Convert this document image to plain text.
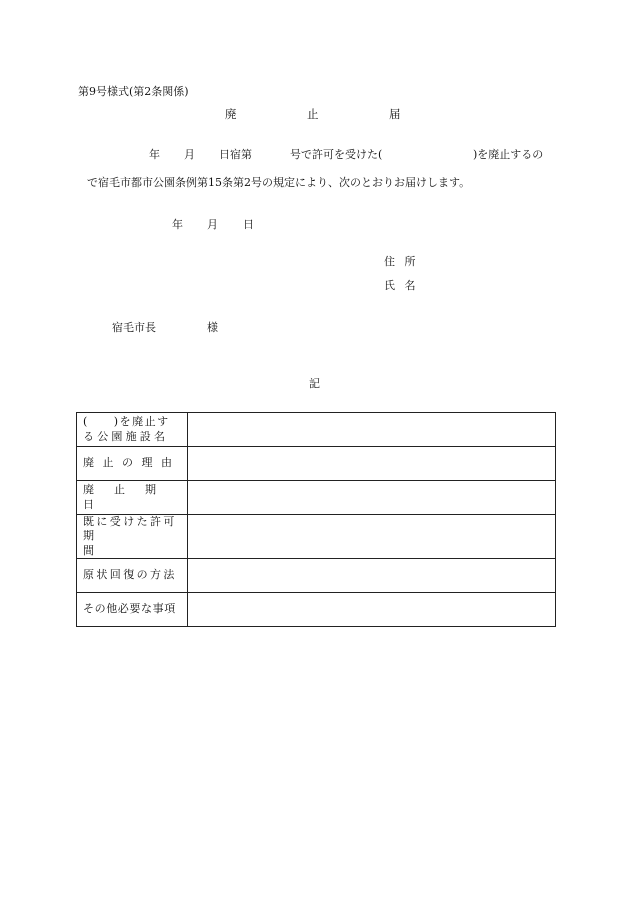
第9号様式(第2条関係)
廃	止	届
年 月 日宿第	号で許可を受けた(	)を廃止するの
で宿毛市都市公園条例第15条第2号の規定により、次のとおりお届けします。
年 月 日
住 所
氏 名
宿毛市長	様
記
(　　)を廃止す
る公園施設名	

廃止の理由	

廃止期日	

既に受けた許可
期間	

原状回復の方法	

その他必要な事項	
